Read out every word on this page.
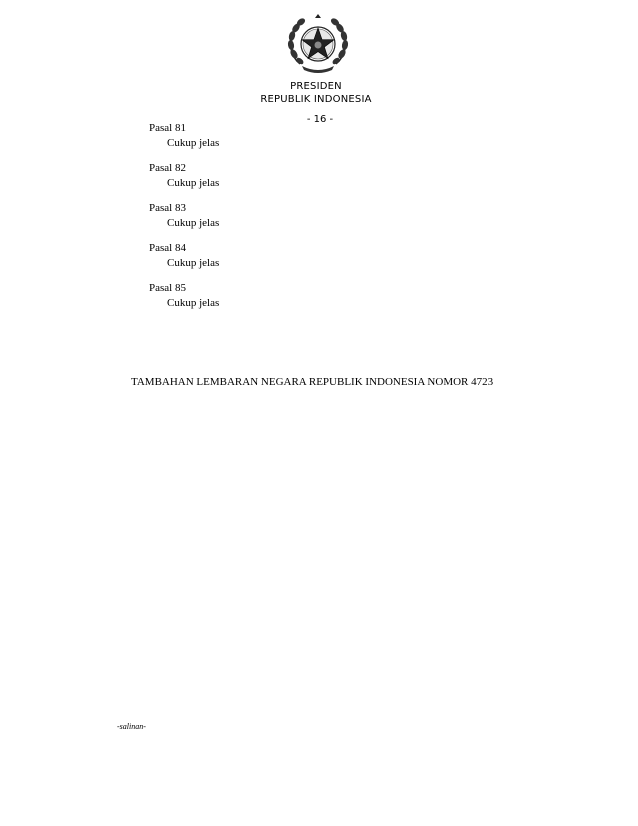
PRESIDEN
REPUBLIK INDONESIA
- 16 -
Pasal 81
Cukup jelas
Pasal 82
Cukup jelas
Pasal 83
Cukup jelas
Pasal 84
Cukup jelas
Pasal 85
Cukup jelas
TAMBAHAN LEMBARAN NEGARA REPUBLIK INDONESIA NOMOR 4723
-salinan-
